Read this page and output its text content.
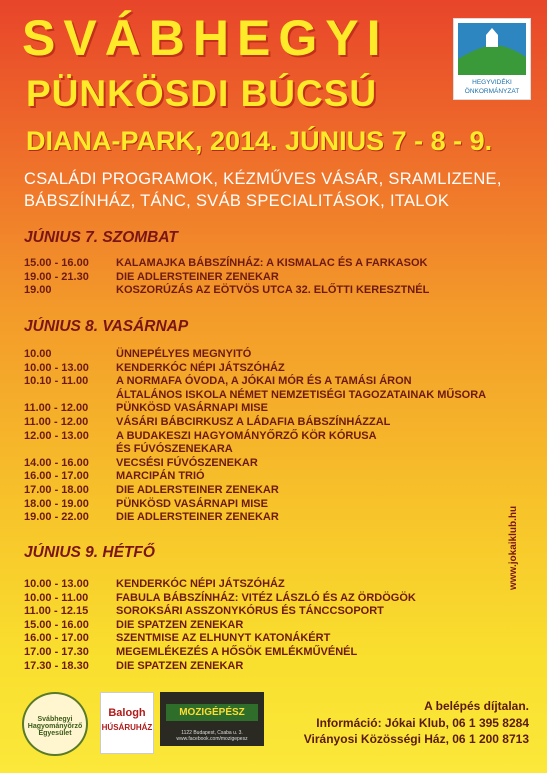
SVÁBHEGYI
PÜNKÖSDI BÚCSÚ
DIANA-PARK, 2014. JÚNIUS 7 - 8 - 9.
CSALÁDI PROGRAMOK, KÉZMŰVES VÁSÁR, SRAMLIZENE,
BÁBSZÍNHÁZ, TÁNC, SVÁB SPECIALITÁSOK, ITALOK
HEGYVIDÉKI
ÖNKORMÁNYZAT
JÚNIUS 7. SZOMBAT
15.00 - 16.00	KALAMAJKA BÁBSZÍNHÁZ: A KISMALAC ÉS A FARKASOK
19.00 - 21.30	DIE ADLERSTEINER ZENEKAR
19.00	KOSZORÚZÁS AZ EÖTVÖS UTCA 32. ELŐTTI KERESZTNÉL
JÚNIUS 8. VASÁRNAP
10.00	ÜNNEPÉLYES MEGNYITÓ
10.00 - 13.00	KENDERKÓC NÉPI JÁTSZÓHÁZ
10.10 - 11.00	A NORMAFA ÓVODA, A JÓKAI MÓR ÉS A TAMÁSI ÁRON
ÁLTALÁNOS ISKOLA NÉMET NEMZETISÉGI TAGOZATAINAK MŰSORA
11.00 - 12.00	PÜNKÖSD VASÁRNAPI MISE
11.00 - 12.00	VÁSÁRI BÁBCIRKUSZ A LÁDAFIA BÁBSZÍNHÁZZAL
12.00 - 13.00	A BUDAKESZI HAGYOMÁNYŐRZŐ KÖR KÓRUSA
ÉS FÚVÓSZENEKARA
14.00 - 16.00	VECSÉSI FÚVÓSZENEKAR
16.00 - 17.00	MARCIPÁN TRIÓ
17.00 - 18.00	DIE ADLERSTEINER ZENEKAR
18.00 - 19.00	PÜNKÖSD VASÁRNAPI MISE
19.00 - 22.00	DIE ADLERSTEINER ZENEKAR
JÚNIUS 9. HÉTFŐ
10.00 - 13.00	KENDERKÓC NÉPI JÁTSZÓHÁZ
10.00 - 11.00	FABULA BÁBSZÍNHÁZ: VITÉZ LÁSZLÓ ÉS AZ ÖRDÖGÖK
11.00 - 12.15	SOROKSÁRI ASSZONYKÓRUS ÉS TÁNCCSOPORT
15.00 - 16.00	DIE SPATZEN ZENEKAR
16.00 - 17.00	SZENTMISE AZ ELHUNYT KATONÁKÉRT
17.00 - 17.30	MEGEMLÉKEZÉS A HŐSÖK EMLÉKMŰVÉNÉL
17.30 - 18.30	DIE SPATZEN ZENEKAR
www.jokaiklub.hu
Svábhegyi Hagyományőrző Egyesület
Balogh
HÚSÁRUHÁZ
MOZIGÉPÉSZ
1122 Budapest, Csaba u. 3. www.facebook.com/mozigepesz
A belépés díjtalan.
Információ: Jókai Klub, 06 1 395 8284
Virányosi Közösségi Ház, 06 1 200 8713
